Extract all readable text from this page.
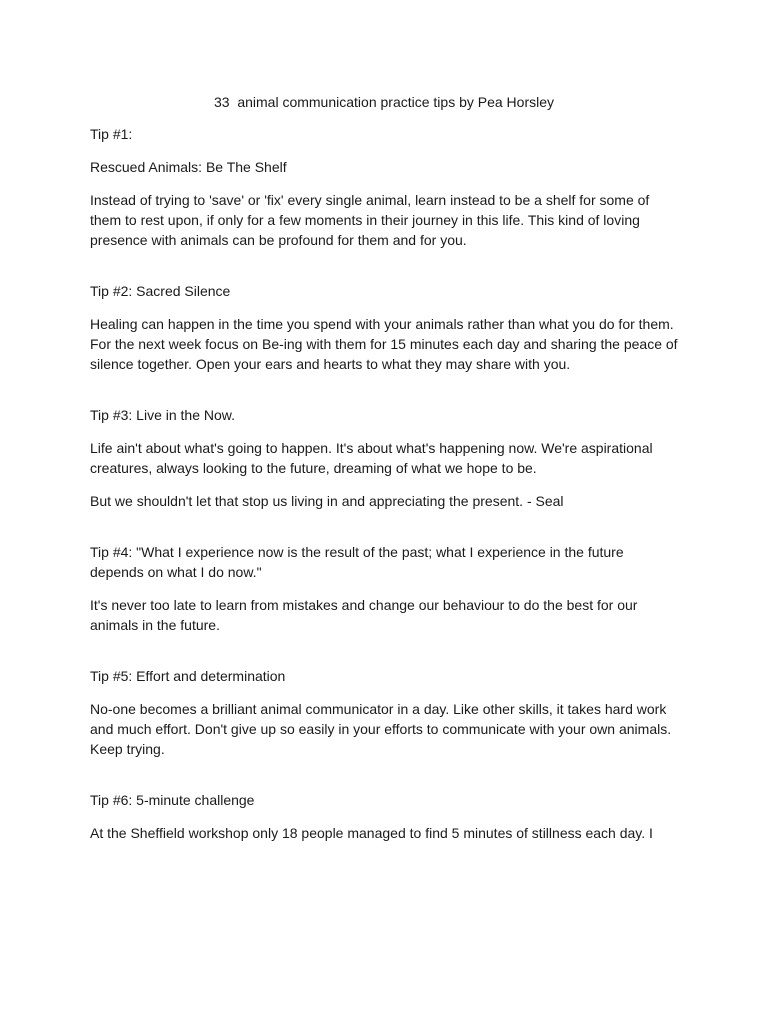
33  animal communication practice tips by Pea Horsley

Tip #1:

Rescued Animals: Be The Shelf

Instead of trying to 'save' or 'fix' every single animal, learn instead to be a shelf for some of them to rest upon, if only for a few moments in their journey in this life. This kind of loving presence with animals can be profound for them and for you.

Tip #2: Sacred Silence

Healing can happen in the time you spend with your animals rather than what you do for them. For the next week focus on Be-ing with them for 15 minutes each day and sharing the peace of silence together. Open your ears and hearts to what they may share with you.

Tip #3: Live in the Now.

Life ain't about what's going to happen. It's about what's happening now. We're aspirational creatures, always looking to the future, dreaming of what we hope to be.

But we shouldn't let that stop us living in and appreciating the present. - Seal

Tip #4: "What I experience now is the result of the past; what I experience in the future depends on what I do now."

It's never too late to learn from mistakes and change our behaviour to do the best for our animals in the future.

Tip #5: Effort and determination

No-one becomes a brilliant animal communicator in a day. Like other skills, it takes hard work and much effort. Don't give up so easily in your efforts to communicate with your own animals. Keep trying.

Tip #6: 5-minute challenge

At the Sheffield workshop only 18 people managed to find 5 minutes of stillness each day. I
